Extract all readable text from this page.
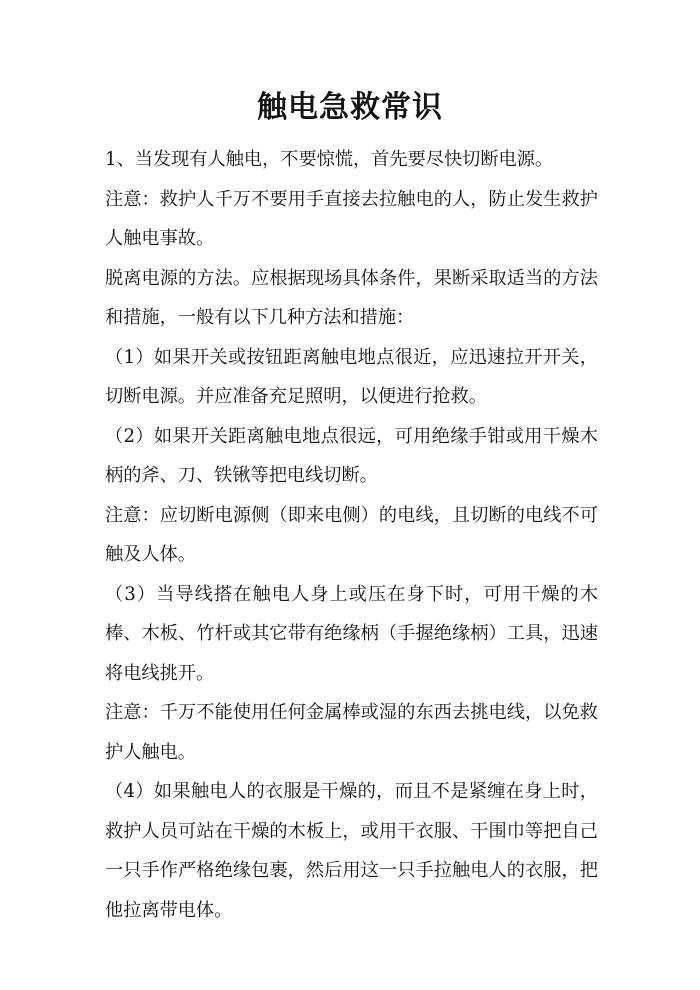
触电急救常识

1、当发现有人触电，不要惊慌，首先要尽快切断电源。

注意：救护人千万不要用手直接去拉触电的人，防止发生救护人触电事故。

脱离电源的方法。应根据现场具体条件，果断采取适当的方法和措施，一般有以下几种方法和措施：

（1）如果开关或按钮距离触电地点很近，应迅速拉开开关，切断电源。并应准备充足照明，以便进行抢救。

（2）如果开关距离触电地点很远，可用绝缘手钳或用干燥木柄的斧、刀、铁锹等把电线切断。

注意：应切断电源侧（即来电侧）的电线，且切断的电线不可触及人体。

（3）当导线搭在触电人身上或压在身下时，可用干燥的木棒、木板、竹杆或其它带有绝缘柄（手握绝缘柄）工具，迅速将电线挑开。

注意：千万不能使用任何金属棒或湿的东西去挑电线，以免救护人触电。

（4）如果触电人的衣服是干燥的，而且不是紧缠在身上时，救护人员可站在干燥的木板上，或用干衣服、干围巾等把自己一只手作严格绝缘包裹，然后用这一只手拉触电人的衣服，把他拉离带电体。
